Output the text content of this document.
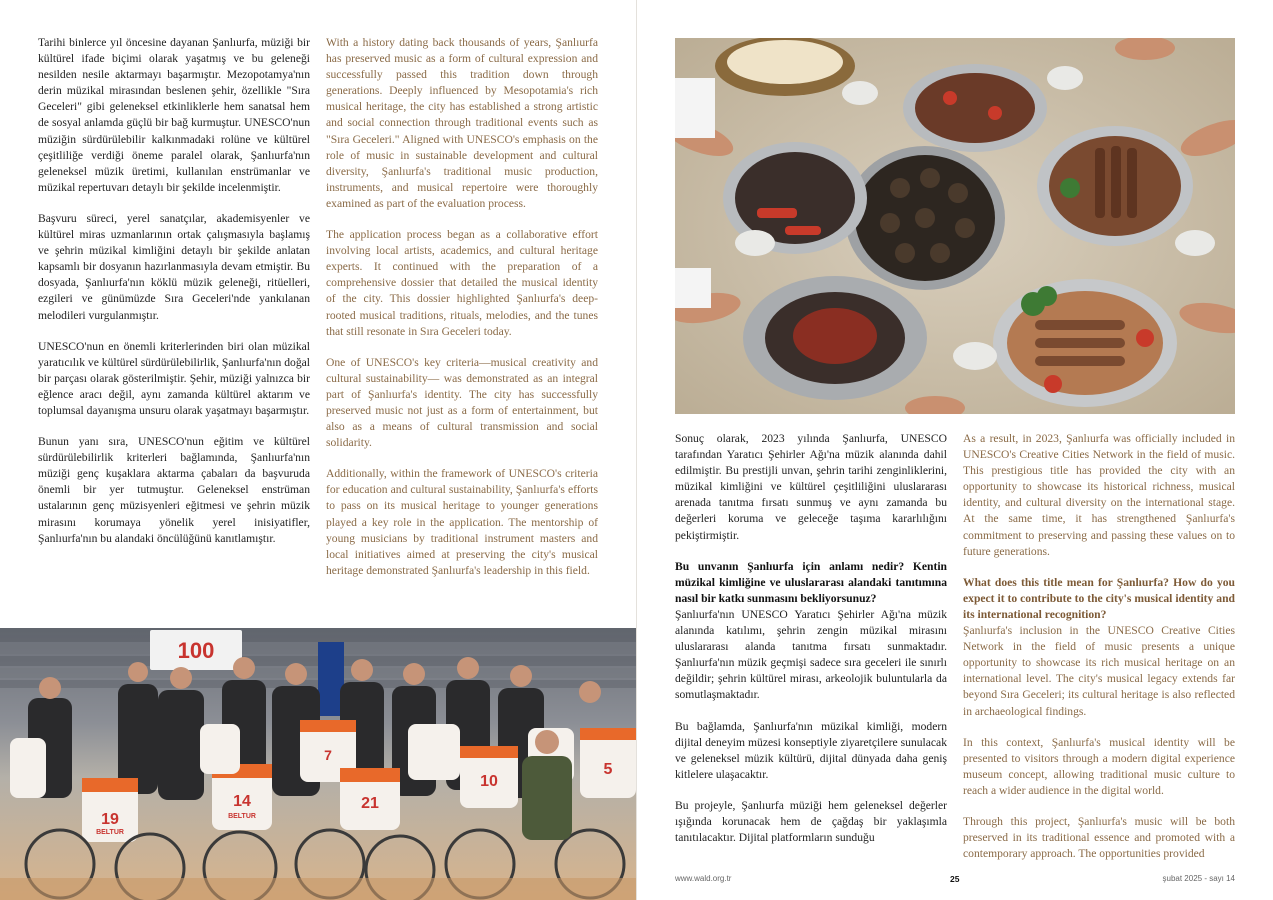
Tarihi binlerce yıl öncesine dayanan Şanlıurfa, müziği bir kültürel ifade biçimi olarak yaşatmış ve bu geleneği nesilden nesile aktarmayı başarmıştır. Mezopotamya'nın derin müzikal mirasından beslenen şehir, özellikle "Sıra Geceleri" gibi geleneksel etkinliklerle hem sanatsal hem de sosyal anlamda güçlü bir bağ kurmuştur. UNESCO'nun müziğin sürdürülebilir kalkınmadaki rolüne ve kültürel çeşitliliğe verdiği öneme paralel olarak, Şanlıurfa'nın geleneksel müzik üretimi, kullanılan enstrümanlar ve müzikal repertuvarı detaylı bir şekilde incelenmiştir.

Başvuru süreci, yerel sanatçılar, akademisyenler ve kültürel miras uzmanlarının ortak çalışmasıyla başlamış ve şehrin müzikal kimliğini detaylı bir şekilde anlatan kapsamlı bir dosyanın hazırlanmasıyla devam etmiştir. Bu dosyada, Şanlıurfa'nın köklü müzik geleneği, ritüelleri, ezgileri ve günümüzde Sıra Geceleri'nde yankılanan melodileri vurgulanmıştır.

UNESCO'nun en önemli kriterlerinden biri olan müzikal yaratıcılık ve kültürel sürdürülebilirlik, Şanlıurfa'nın doğal bir parçası olarak gösterilmiştir. Şehir, müziği yalnızca bir eğlence aracı değil, aynı zamanda kültürel aktarım ve toplumsal dayanışma unsuru olarak yaşatmayı başarmıştır.

Bunun yanı sıra, UNESCO'nun eğitim ve kültürel sürdürülebilirlik kriterleri bağlamında, Şanlıurfa'nın müziği genç kuşaklara aktarma çabaları da başvuruda önemli bir yer tutmuştur. Geleneksel enstrüman ustalarının genç müzisyenleri eğitmesi ve şehrin müzik mirasını korumaya yönelik yerel inisiyatifler, Şanlıurfa'nın bu alandaki öncülüğünü kanıtlamıştır.

With a history dating back thousands of years, Şanlıurfa has preserved music as a form of cultural expression and successfully passed this tradition down through generations. Deeply influenced by Mesopotamia's rich musical heritage, the city has established a strong artistic and social connection through traditional events such as "Sıra Geceleri." Aligned with UNESCO's emphasis on the role of music in sustainable development and cultural diversity, Şanlıurfa's traditional music production, instruments, and musical repertoire were thoroughly examined as part of the evaluation process.

The application process began as a collaborative effort involving local artists, academics, and cultural heritage experts. It continued with the preparation of a comprehensive dossier that detailed the musical identity of the city. This dossier highlighted Şanlıurfa's deep-rooted musical traditions, rituals, melodies, and the tunes that still resonate in Sıra Geceleri today.

One of UNESCO's key criteria—musical creativity and cultural sustainability— was demonstrated as an integral part of Şanlıurfa's identity. The city has successfully preserved music not just as a form of entertainment, but also as a means of cultural transmission and social solidarity.

Additionally, within the framework of UNESCO's criteria for education and cultural sustainability, Şanlıurfa's efforts to pass on its musical heritage to younger generations played a key role in the application. The mentorship of young musicians by traditional instrument masters and local initiatives aimed at preserving the city's musical heritage demonstrated Şanlıurfa's leadership in this field.

100
19
14
7
21
10
5
BELTUR
BELTUR

Sonuç olarak, 2023 yılında Şanlıurfa, UNESCO tarafından Yaratıcı Şehirler Ağı'na müzik alanında dahil edilmiştir. Bu prestijli unvan, şehrin tarihi zenginliklerini, müzikal kimliğini ve kültürel çeşitliliğini uluslararası arenada tanıtma fırsatı sunmuş ve aynı zamanda bu değerleri koruma ve geleceğe taşıma kararlılığını pekiştirmiştir.

Bu unvanın Şanlıurfa için anlamı nedir? Kentin müzikal kimliğine ve uluslararası alandaki tanıtımına nasıl bir katkı sunmasını bekliyorsunuz?
Şanlıurfa'nın UNESCO Yaratıcı Şehirler Ağı'na müzik alanında katılımı, şehrin zengin müzikal mirasını uluslararası alanda tanıtma fırsatı sunmaktadır. Şanlıurfa'nın müzik geçmişi sadece sıra geceleri ile sınırlı değildir; şehrin kültürel mirası, arkeolojik buluntularla da somutlaşmaktadır.

Bu bağlamda, Şanlıurfa'nın müzikal kimliği, modern dijital deneyim müzesi konseptiyle ziyaretçilere sunulacak ve geleneksel müzik kültürü, dijital dünyada daha geniş kitlelere ulaşacaktır.

Bu projeyle, Şanlıurfa müziği hem geleneksel değerler ışığında korunacak hem de çağdaş bir yaklaşımla tanıtılacaktır. Dijital platformların sunduğu

As a result, in 2023, Şanlıurfa was officially included in UNESCO's Creative Cities Network in the field of music. This prestigious title has provided the city with an opportunity to showcase its historical richness, musical identity, and cultural diversity on the international stage. At the same time, it has strengthened Şanlıurfa's commitment to preserving and passing these values on to future generations.

What does this title mean for Şanlıurfa? How do you expect it to contribute to the city's musical identity and its international recognition?
Şanlıurfa's inclusion in the UNESCO Creative Cities Network in the field of music presents a unique opportunity to showcase its rich musical heritage on an international level. The city's musical legacy extends far beyond Sıra Geceleri; its cultural heritage is also reflected in archaeological findings.

In this context, Şanlıurfa's musical identity will be presented to visitors through a modern digital experience museum concept, allowing traditional music culture to reach a wider audience in the digital world.

Through this project, Şanlıurfa's music will be both preserved in its traditional essence and promoted with a contemporary approach. The opportunities provided

www.wald.org.tr	25	şubat 2025 - sayı 14
